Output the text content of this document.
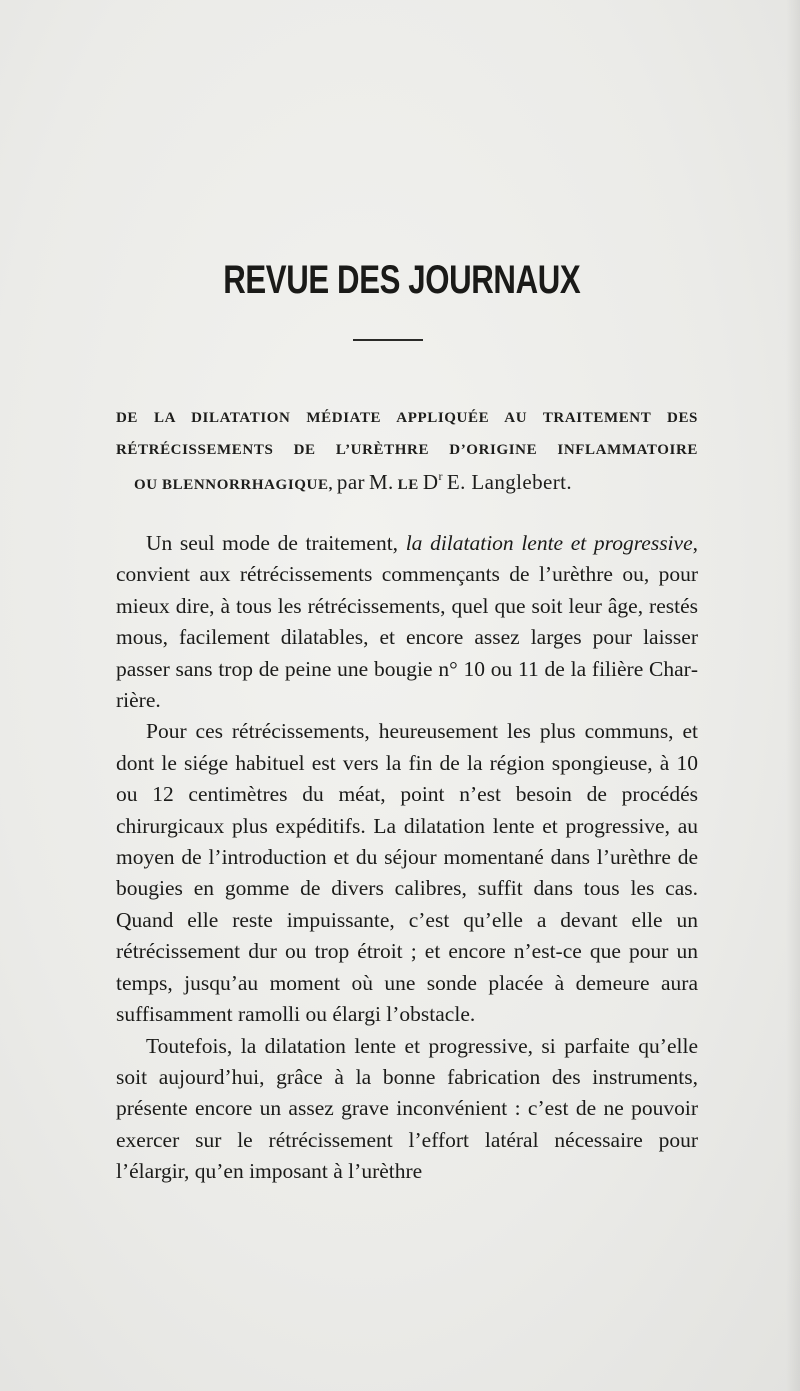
REVUE DES JOURNAUX
DE LA DILATATION MÉDIATE APPLIQUÉE AU TRAITEMENT DES
RÉTRÉCISSEMENTS DE L’URÈTHRE D’ORIGINE INFLAMMATOIRE
OU BLENNORRHAGIQUE, par M. LE $D^r$ E. Langlebert.

Un seul mode de traitement, la dilatation lente et progressive, convient aux rétrécissements commençants de l’urèthre ou, pour mieux dire, à tous les rétrécissements, quel que soit leur âge, restés mous, facilement dilatables, et encore assez larges pour laisser passer sans trop de peine une bougie n° 10 ou 11 de la filière Charrière.

Pour ces rétrécissements, heureusement les plus communs, et dont le siége habituel est vers la fin de la région spongieuse, à 10 ou 12 centimètres du méat, point n’est besoin de procédés chirurgicaux plus expéditifs. La dilatation lente et progressive, au moyen de l’introduction et du séjour momentané dans l’urèthre de bougies en gomme de divers calibres, suffit dans tous les cas. Quand elle reste impuissante, c’est qu’elle a devant elle un rétrécissement dur ou trop étroit ; et encore n’est-ce que pour un temps, jusqu’au moment où une sonde placée à demeure aura suffisamment ramolli ou élargi l’obstacle.

Toutefois, la dilatation lente et progressive, si parfaite qu’elle soit aujourd’hui, grâce à la bonne fabrication des instruments, présente encore un assez grave inconvénient : c’est de ne pouvoir exercer sur le rétrécissement l’effort latéral nécessaire pour l’élargir, qu’en imposant à l’urèthre
